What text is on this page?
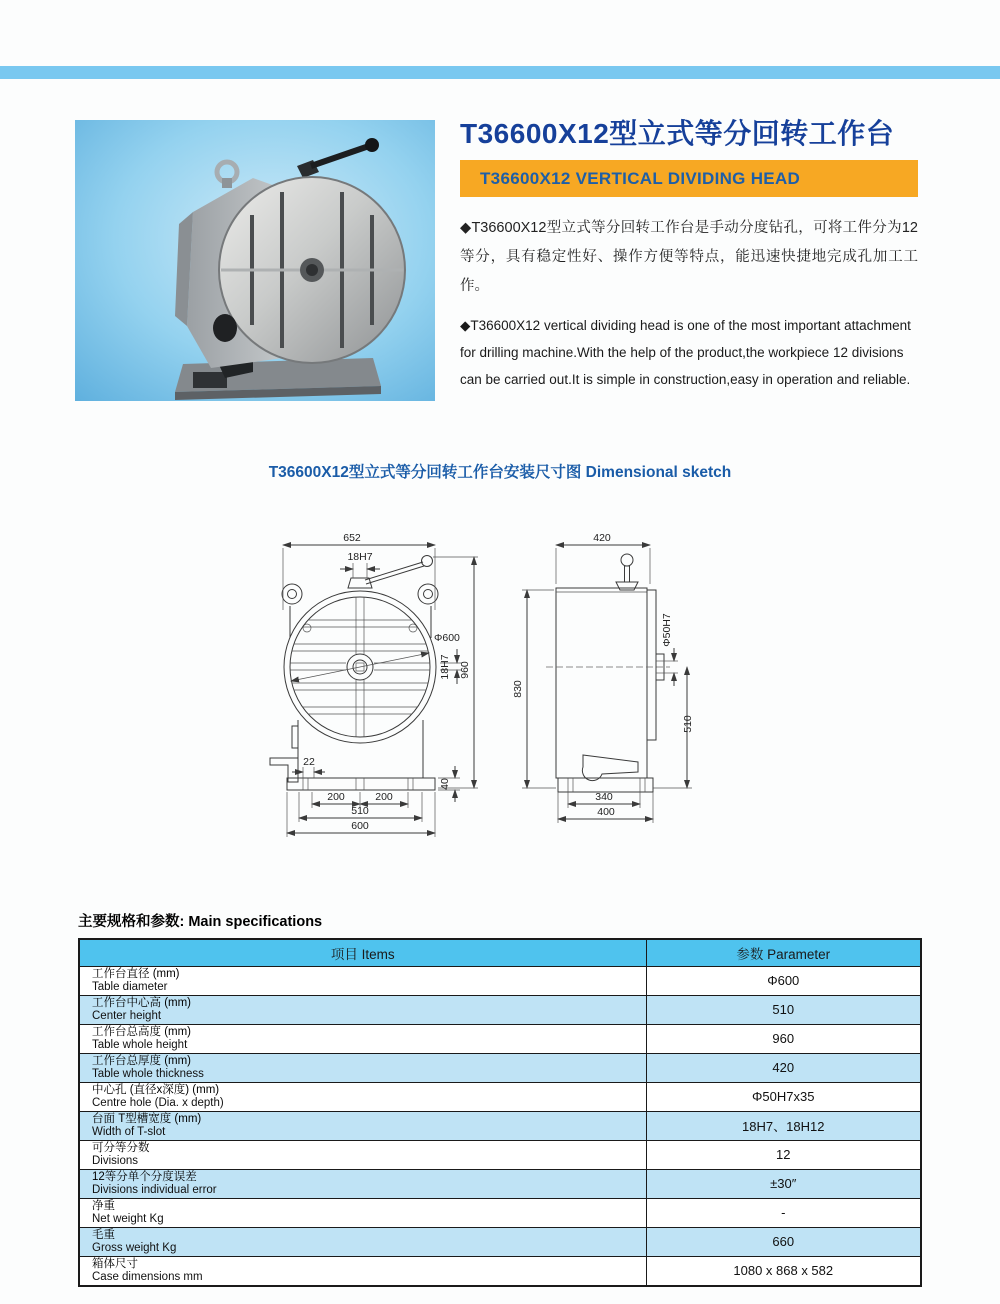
T36600X12型立式等分回转工作台
T36600X12 VERTICAL DIVIDING HEAD

◆T36600X12型立式等分回转工作台是手动分度钻孔，可将工件分为12等分，具有稳定性好、操作方便等特点，能迅速快捷地完成孔加工工作。

◆T36600X12 vertical dividing head is one of the most important attachment for drilling machine.With the help of the product,the workpiece 12 divisions can be carried out.It is simple in construction,easy in operation and reliable.

T36600X12型立式等分回转工作台安装尺寸图 Dimensional sketch
652
18H7
Φ600
18H7 960
22
40
200	200
510
600
420
830
Φ50H7
510
340
400
主要规格和参数: Main specifications
项目 Items	参数 Parameter

工作台直径 (mm)
Table diameter	Φ600

工作台中心高 (mm)
Center height	510

工作台总高度 (mm)
Table whole height	960

工作台总厚度 (mm)
Table whole thickness	420

中心孔 (直径x深度) (mm)
Centre hole (Dia. x depth)	Φ50H7x35

台面 T型槽宽度 (mm)
Width of T-slot	18H7、18H12

可分等分数
Divisions	12

12等分单个分度误差
Divisions individual error	±30″

净重
Net weight Kg	-

毛重
Gross weight Kg	660

箱体尺寸
Case dimensions mm	1080 x 868 x 582
